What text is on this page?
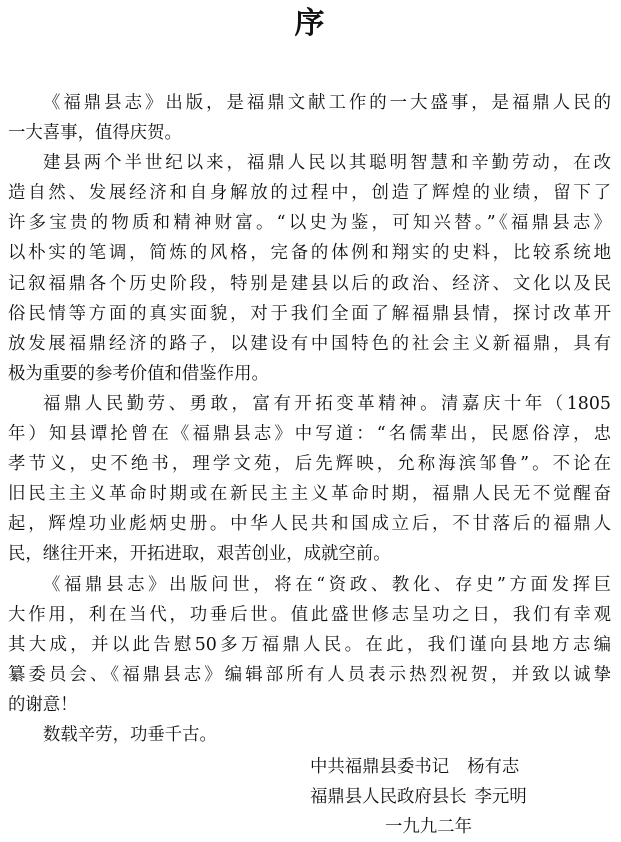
序
《福鼎县志》出版，是福鼎文献工作的一大盛事，是福鼎人民的
一大喜事，值得庆贺。
建县两个半世纪以来，福鼎人民以其聪明智慧和辛勤劳动，在改
造自然、发展经济和自身解放的过程中，创造了辉煌的业绩，留下了
许多宝贵的物质和精神财富。“以史为鉴，可知兴替。”《福鼎县志》
以朴实的笔调，简炼的风格，完备的体例和翔实的史料，比较系统地
记叙福鼎各个历史阶段，特别是建县以后的政治、经济、文化以及民
俗民情等方面的真实面貌，对于我们全面了解福鼎县情，探讨改革开
放发展福鼎经济的路子，以建设有中国特色的社会主义新福鼎，具有
极为重要的参考价值和借鉴作用。
福鼎人民勤劳、勇敢，富有开拓变革精神。清嘉庆十年（1805
年）知县谭抡曾在《福鼎县志》中写道：“名儒辈出，民愿俗淳，忠
孝节义，史不绝书，理学文苑，后先辉映，允称海滨邹鲁”。不论在
旧民主主义革命时期或在新民主主义革命时期，福鼎人民无不觉醒奋
起，辉煌功业彪炳史册。中华人民共和国成立后，不甘落后的福鼎人
民，继往开来，开拓进取，艰苦创业，成就空前。
《福鼎县志》出版问世，将在“资政、教化、存史”方面发挥巨
大作用，利在当代，功垂后世。值此盛世修志呈功之日，我们有幸观
其大成，并以此告慰50多万福鼎人民。在此，我们谨向县地方志编
纂委员会、《福鼎县志》编辑部所有人员表示热烈祝贺，并致以诚挚
的谢意！
数载辛劳，功垂千古。
中共福鼎县委书记 杨有志
福鼎县人民政府县长 李元明
一九九二年
